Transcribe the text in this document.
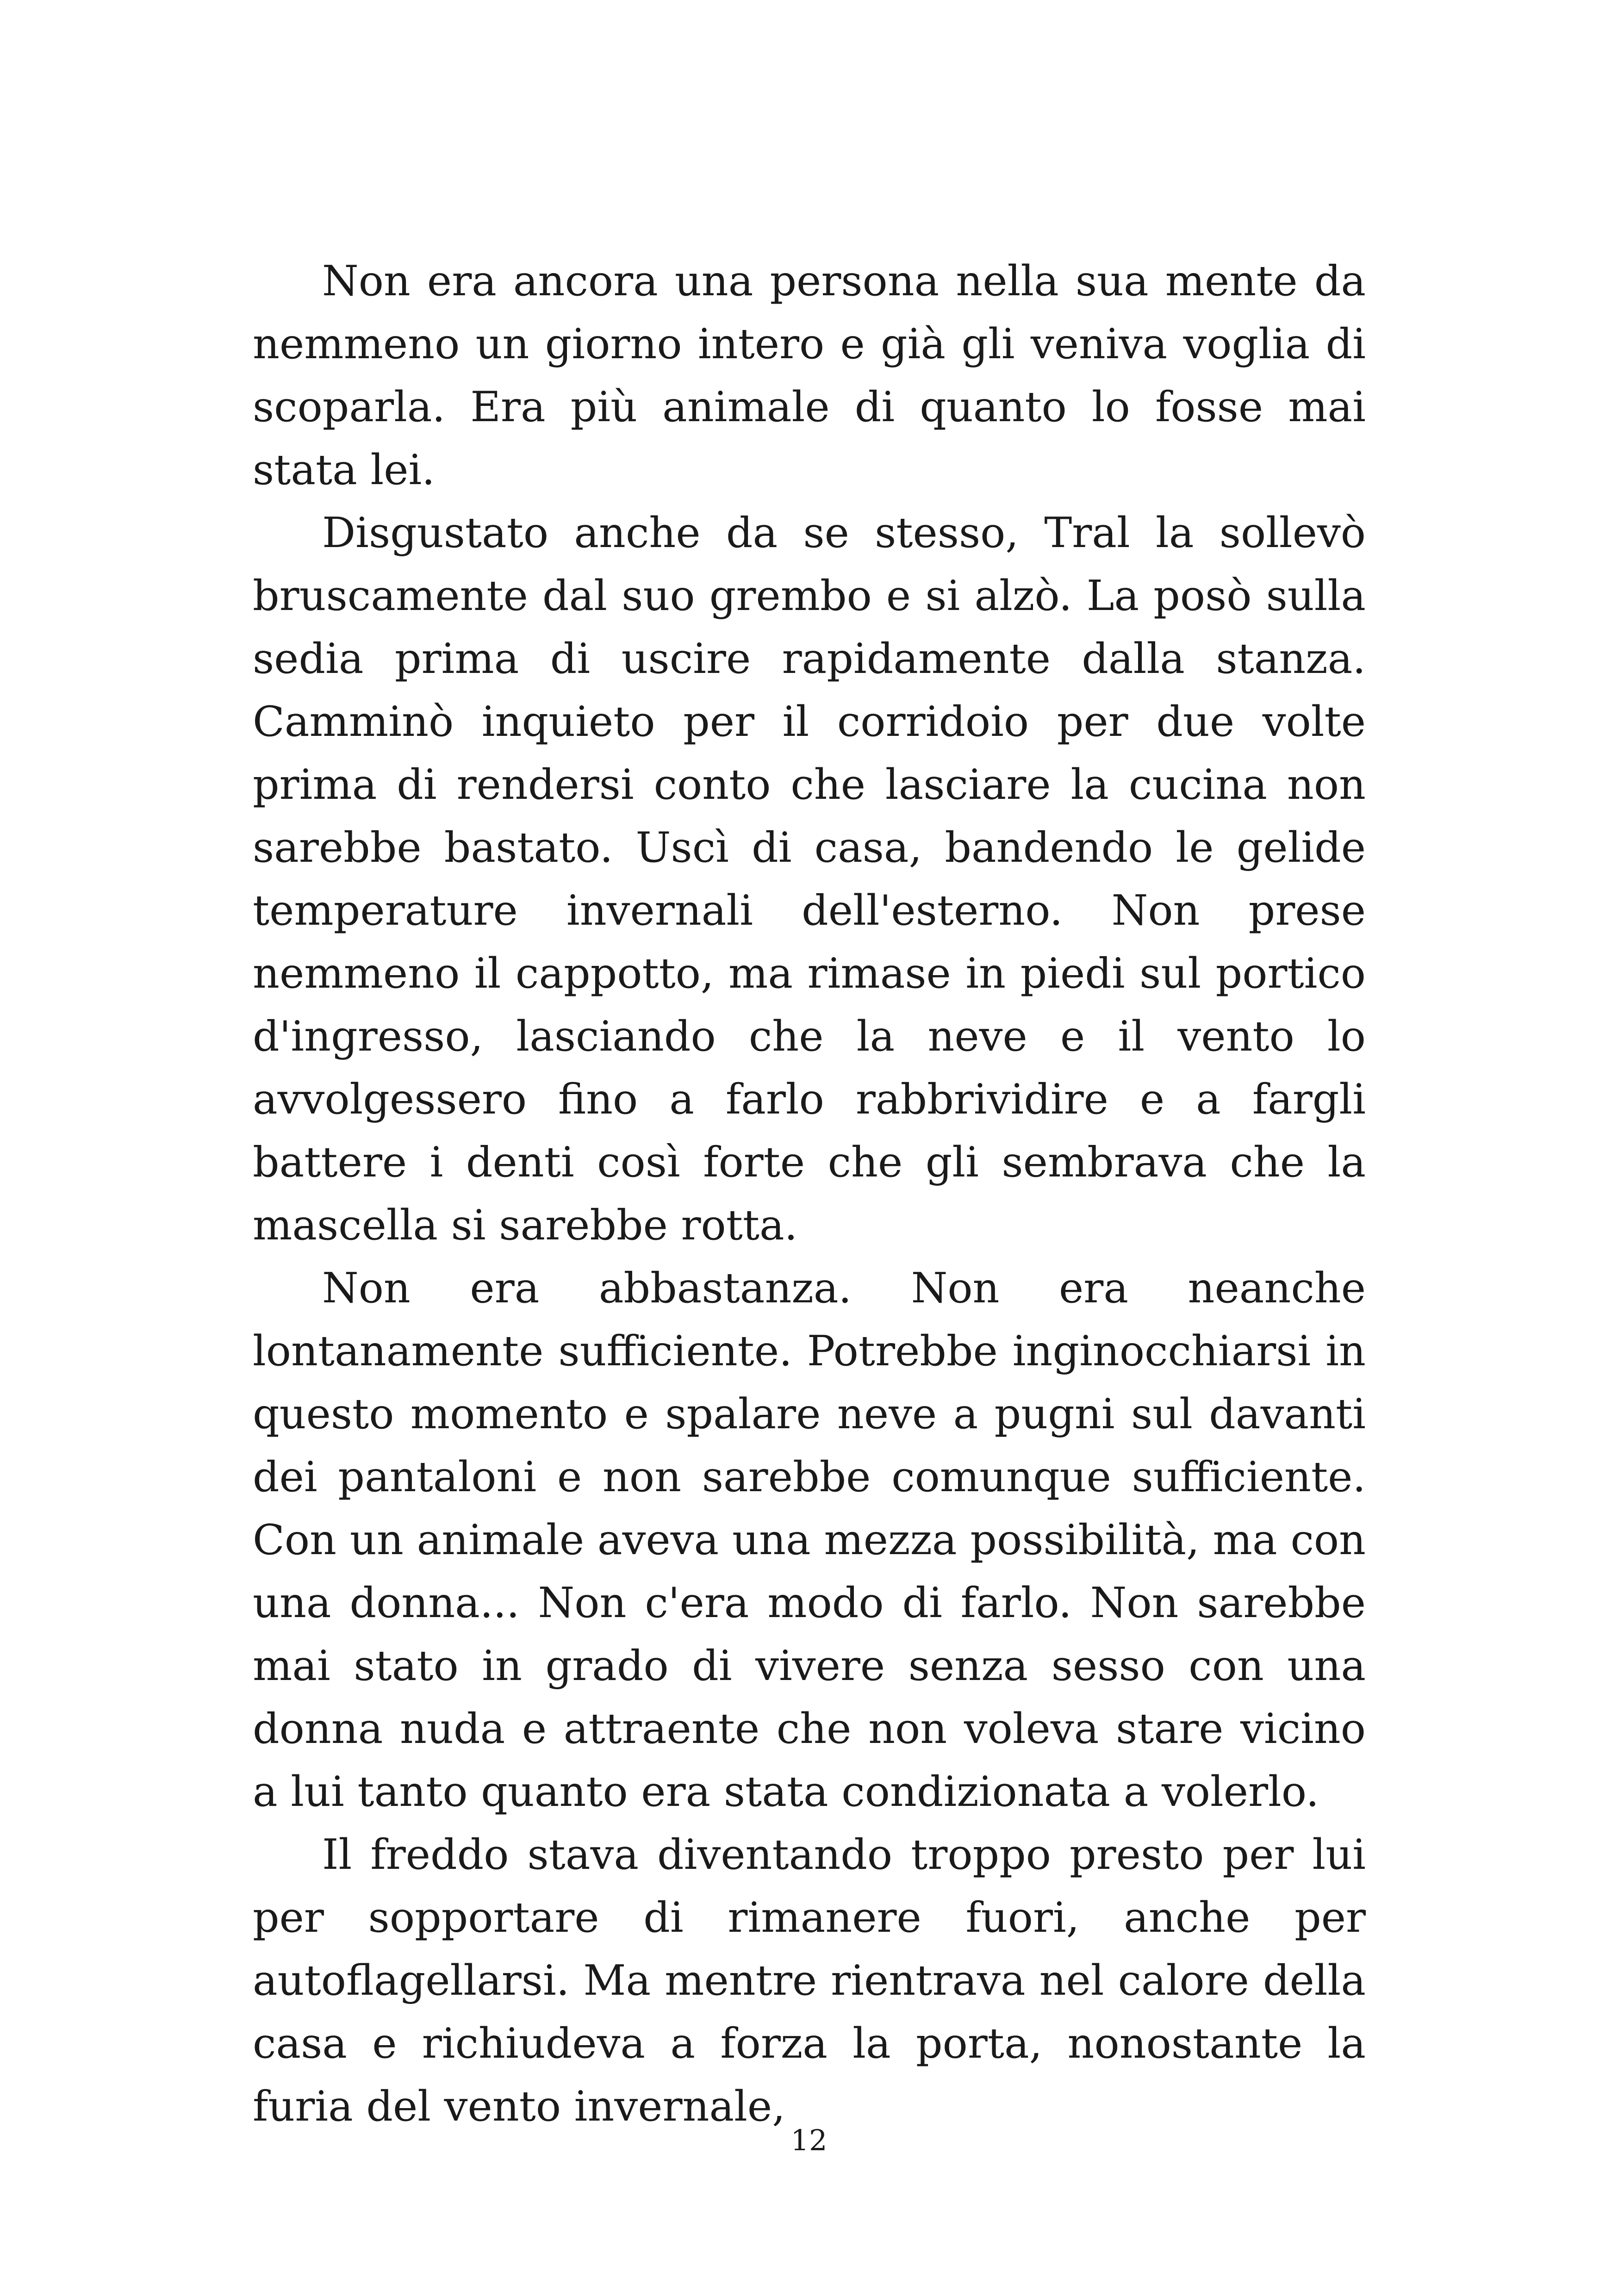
Non era ancora una persona nella sua mente da nemmeno un giorno intero e già gli veniva voglia di scoparla. Era più animale di quanto lo fosse mai stata lei.

Disgustato anche da se stesso, Tral la sollevò bruscamente dal suo grembo e si alzò. La posò sulla sedia prima di uscire rapidamente dalla stanza. Camminò inquieto per il corridoio per due volte prima di rendersi conto che lasciare la cucina non sarebbe bastato. Uscì di casa, bandendo le gelide temperature invernali dell'esterno. Non prese nemmeno il cappotto, ma rimase in piedi sul portico d'ingresso, lasciando che la neve e il vento lo avvolgessero fino a farlo rabbrividire e a fargli battere i denti così forte che gli sembrava che la mascella si sarebbe rotta.

Non era abbastanza. Non era neanche lontanamente sufficiente. Potrebbe inginocchiarsi in questo momento e spalare neve a pugni sul davanti dei pantaloni e non sarebbe comunque sufficiente. Con un animale aveva una mezza possibilità, ma con una donna... Non c'era modo di farlo. Non sarebbe mai stato in grado di vivere senza sesso con una donna nuda e attraente che non voleva stare vicino a lui tanto quanto era stata condizionata a volerlo.

Il freddo stava diventando troppo presto per lui per sopportare di rimanere fuori, anche per autoflagellarsi. Ma mentre rientrava nel calore della casa e richiudeva a forza la porta, nonostante la furia del vento invernale,

12
